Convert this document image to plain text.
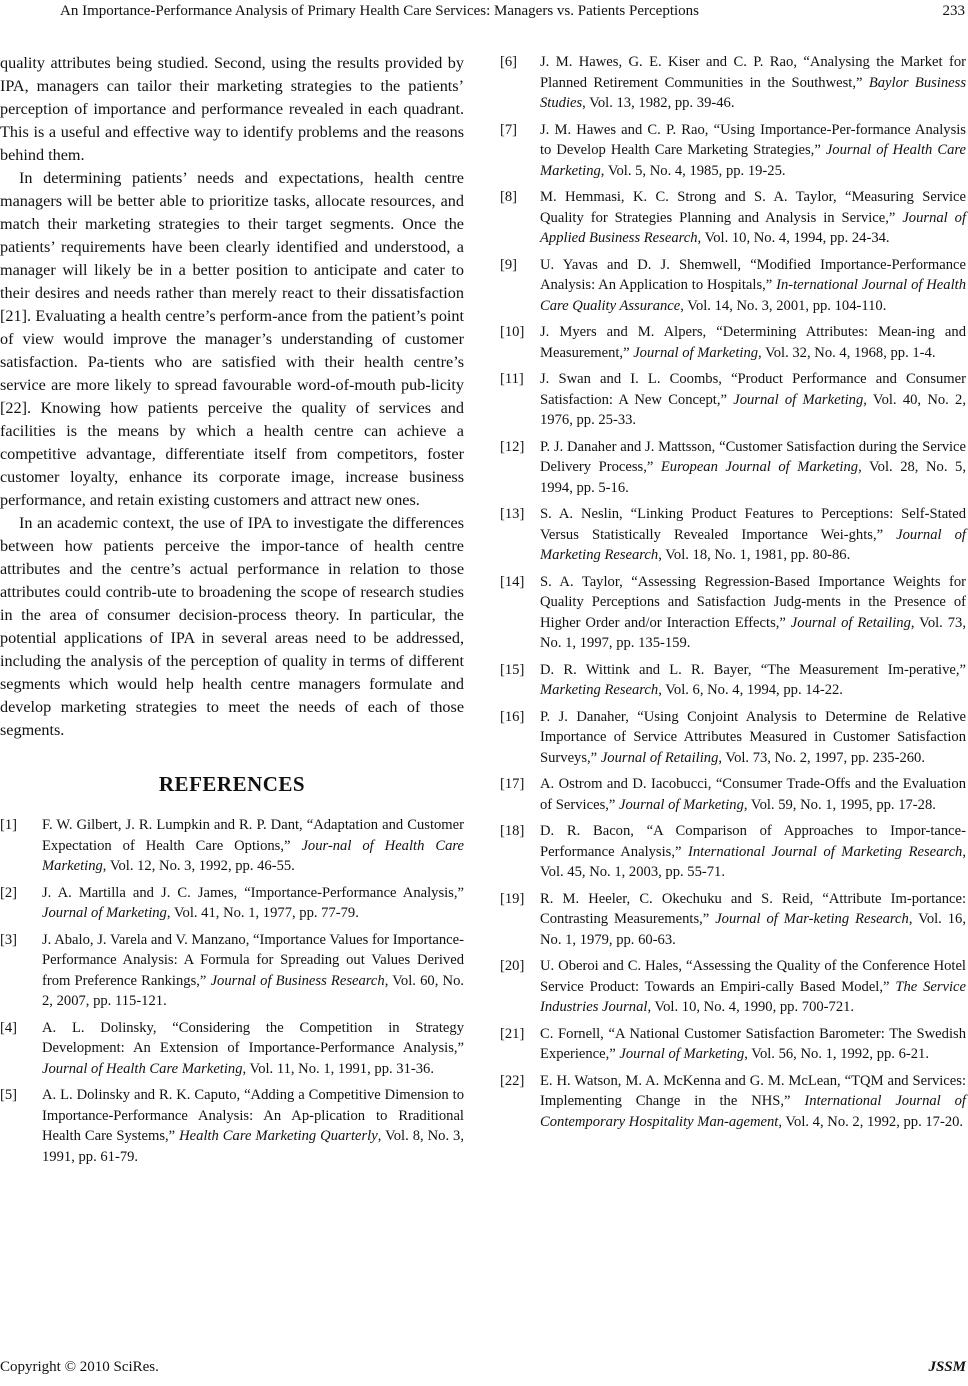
An Importance-Performance Analysis of Primary Health Care Services: Managers vs. Patients Perceptions	233

quality attributes being studied. Second, using the results provided by IPA, managers can tailor their marketing strategies to the patients’ perception of importance and performance revealed in each quadrant. This is a useful and effective way to identify problems and the reasons behind them.

In determining patients’ needs and expectations, health centre managers will be better able to prioritize tasks, allocate resources, and match their marketing strategies to their target segments. Once the patients’ requirements have been clearly identified and understood, a manager will likely be in a better position to anticipate and cater to their desires and needs rather than merely react to their dissatisfaction [21]. Evaluating a health centre’s perform-ance from the patient’s point of view would improve the manager’s understanding of customer satisfaction. Pa-tients who are satisfied with their health centre’s service are more likely to spread favourable word-of-mouth pub-licity [22]. Knowing how patients perceive the quality of services and facilities is the means by which a health centre can achieve a competitive advantage, differentiate itself from competitors, foster customer loyalty, enhance its corporate image, increase business performance, and retain existing customers and attract new ones.

In an academic context, the use of IPA to investigate the differences between how patients perceive the impor-tance of health centre attributes and the centre’s actual performance in relation to those attributes could contrib-ute to broadening the scope of research studies in the area of consumer decision-process theory. In particular, the potential applications of IPA in several areas need to be addressed, including the analysis of the perception of quality in terms of different segments which would help health centre managers formulate and develop marketing strategies to meet the needs of each of those segments.

REFERENCES
[1]	F. W. Gilbert, J. R. Lumpkin and R. P. Dant, “Adaptation and Customer Expectation of Health Care Options,” Jour-nal of Health Care Marketing, Vol. 12, No. 3, 1992, pp. 46-55.
[2]	J. A. Martilla and J. C. James, “Importance-Performance Analysis,” Journal of Marketing, Vol. 41, No. 1, 1977, pp. 77-79.
[3]	J. Abalo, J. Varela and V. Manzano, “Importance Values for Importance-Performance Analysis: A Formula for Spreading out Values Derived from Preference Rankings,” Journal of Business Research, Vol. 60, No. 2, 2007, pp. 115-121.
[4]	A. L. Dolinsky, “Considering the Competition in Strategy Development: An Extension of Importance-Performance Analysis,” Journal of Health Care Marketing, Vol. 11, No. 1, 1991, pp. 31-36.
[5]	A. L. Dolinsky and R. K. Caputo, “Adding a Competitive Dimension to Importance-Performance Analysis: An Ap-plication to Rraditional Health Care Systems,” Health Care Marketing Quarterly, Vol. 8, No. 3, 1991, pp. 61-79.
[6]	J. M. Hawes, G. E. Kiser and C. P. Rao, “Analysing the Market for Planned Retirement Communities in the Southwest,” Baylor Business Studies, Vol. 13, 1982, pp. 39-46.
[7]	J. M. Hawes and C. P. Rao, “Using Importance-Per-formance Analysis to Develop Health Care Marketing Strategies,” Journal of Health Care Marketing, Vol. 5, No. 4, 1985, pp. 19-25.
[8]	M. Hemmasi, K. C. Strong and S. A. Taylor, “Measuring Service Quality for Strategies Planning and Analysis in Service,” Journal of Applied Business Research, Vol. 10, No. 4, 1994, pp. 24-34.
[9]	U. Yavas and D. J. Shemwell, “Modified Importance-Performance Analysis: An Application to Hospitals,” In-ternational Journal of Health Care Quality Assurance, Vol. 14, No. 3, 2001, pp. 104-110.
[10]	J. Myers and M. Alpers, “Determining Attributes: Mean-ing and Measurement,” Journal of Marketing, Vol. 32, No. 4, 1968, pp. 1-4.
[11]	J. Swan and I. L. Coombs, “Product Performance and Consumer Satisfaction: A New Concept,” Journal of Marketing, Vol. 40, No. 2, 1976, pp. 25-33.
[12]	P. J. Danaher and J. Mattsson, “Customer Satisfaction during the Service Delivery Process,” European Journal of Marketing, Vol. 28, No. 5, 1994, pp. 5-16.
[13]	S. A. Neslin, “Linking Product Features to Perceptions: Self-Stated Versus Statistically Revealed Importance Wei-ghts,” Journal of Marketing Research, Vol. 18, No. 1, 1981, pp. 80-86.
[14]	S. A. Taylor, “Assessing Regression-Based Importance Weights for Quality Perceptions and Satisfaction Judg-ments in the Presence of Higher Order and/or Interaction Effects,” Journal of Retailing, Vol. 73, No. 1, 1997, pp. 135-159.
[15]	D. R. Wittink and L. R. Bayer, “The Measurement Im-perative,” Marketing Research, Vol. 6, No. 4, 1994, pp. 14-22.
[16]	P. J. Danaher, “Using Conjoint Analysis to Determine de Relative Importance of Service Attributes Measured in Customer Satisfaction Surveys,” Journal of Retailing, Vol. 73, No. 2, 1997, pp. 235-260.
[17]	A. Ostrom and D. Iacobucci, “Consumer Trade-Offs and the Evaluation of Services,” Journal of Marketing, Vol. 59, No. 1, 1995, pp. 17-28.
[18]	D. R. Bacon, “A Comparison of Approaches to Impor-tance-Performance Analysis,” International Journal of Marketing Research, Vol. 45, No. 1, 2003, pp. 55-71.
[19]	R. M. Heeler, C. Okechuku and S. Reid, “Attribute Im-portance: Contrasting Measurements,” Journal of Mar-keting Research, Vol. 16, No. 1, 1979, pp. 60-63.
[20]	U. Oberoi and C. Hales, “Assessing the Quality of the Conference Hotel Service Product: Towards an Empiri-cally Based Model,” The Service Industries Journal, Vol. 10, No. 4, 1990, pp. 700-721.
[21]	C. Fornell, “A National Customer Satisfaction Barometer: The Swedish Experience,” Journal of Marketing, Vol. 56, No. 1, 1992, pp. 6-21.
[22]	E. H. Watson, M. A. McKenna and G. M. McLean, “TQM and Services: Implementing Change in the NHS,” International Journal of Contemporary Hospitality Man-agement, Vol. 4, No. 2, 1992, pp. 17-20.
Copyright © 2010 SciRes.	JSSM
